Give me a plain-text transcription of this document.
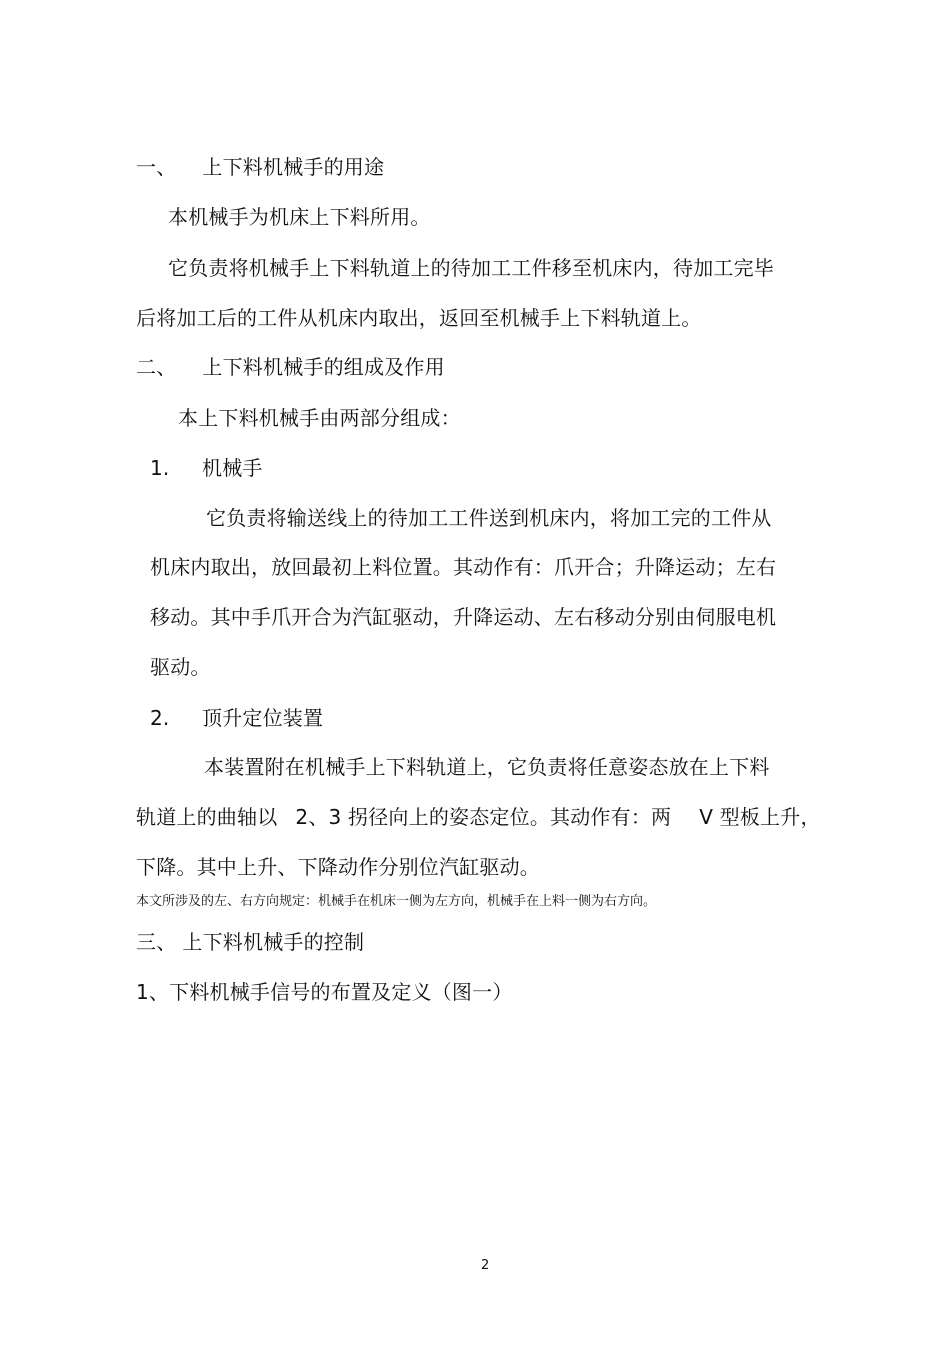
一、 上下料机械手的用途
本机械手为机床上下料所用。
它负责将机械手上下料轨道上的待加工工件移至机床内，待加工完毕
后将加工后的工件从机床内取出，返回至机械手上下料轨道上。
二、 上下料机械手的组成及作用
本上下料机械手由两部分组成：
1. 机械手
它负责将输送线上的待加工工件送到机床内，将加工完的工件从
机床内取出，放回最初上料位置。其动作有：爪开合；升降运动；左右
移动。其中手爪开合为汽缸驱动，升降运动、左右移动分别由伺服电机
驱动。
2. 顶升定位装置
本装置附在机械手上下料轨道上，它负责将任意姿态放在上下料
轨道上的曲轴以 2、3 拐径向上的姿态定位。其动作有：两 V 型板上升，
下降。其中上升、下降动作分别位汽缸驱动。
本文所涉及的左、右方向规定：机械手在机床一侧为左方向，机械手在上料一侧为右方向。
三、 上下料机械手的控制
1、下料机械手信号的布置及定义（图一）
2
